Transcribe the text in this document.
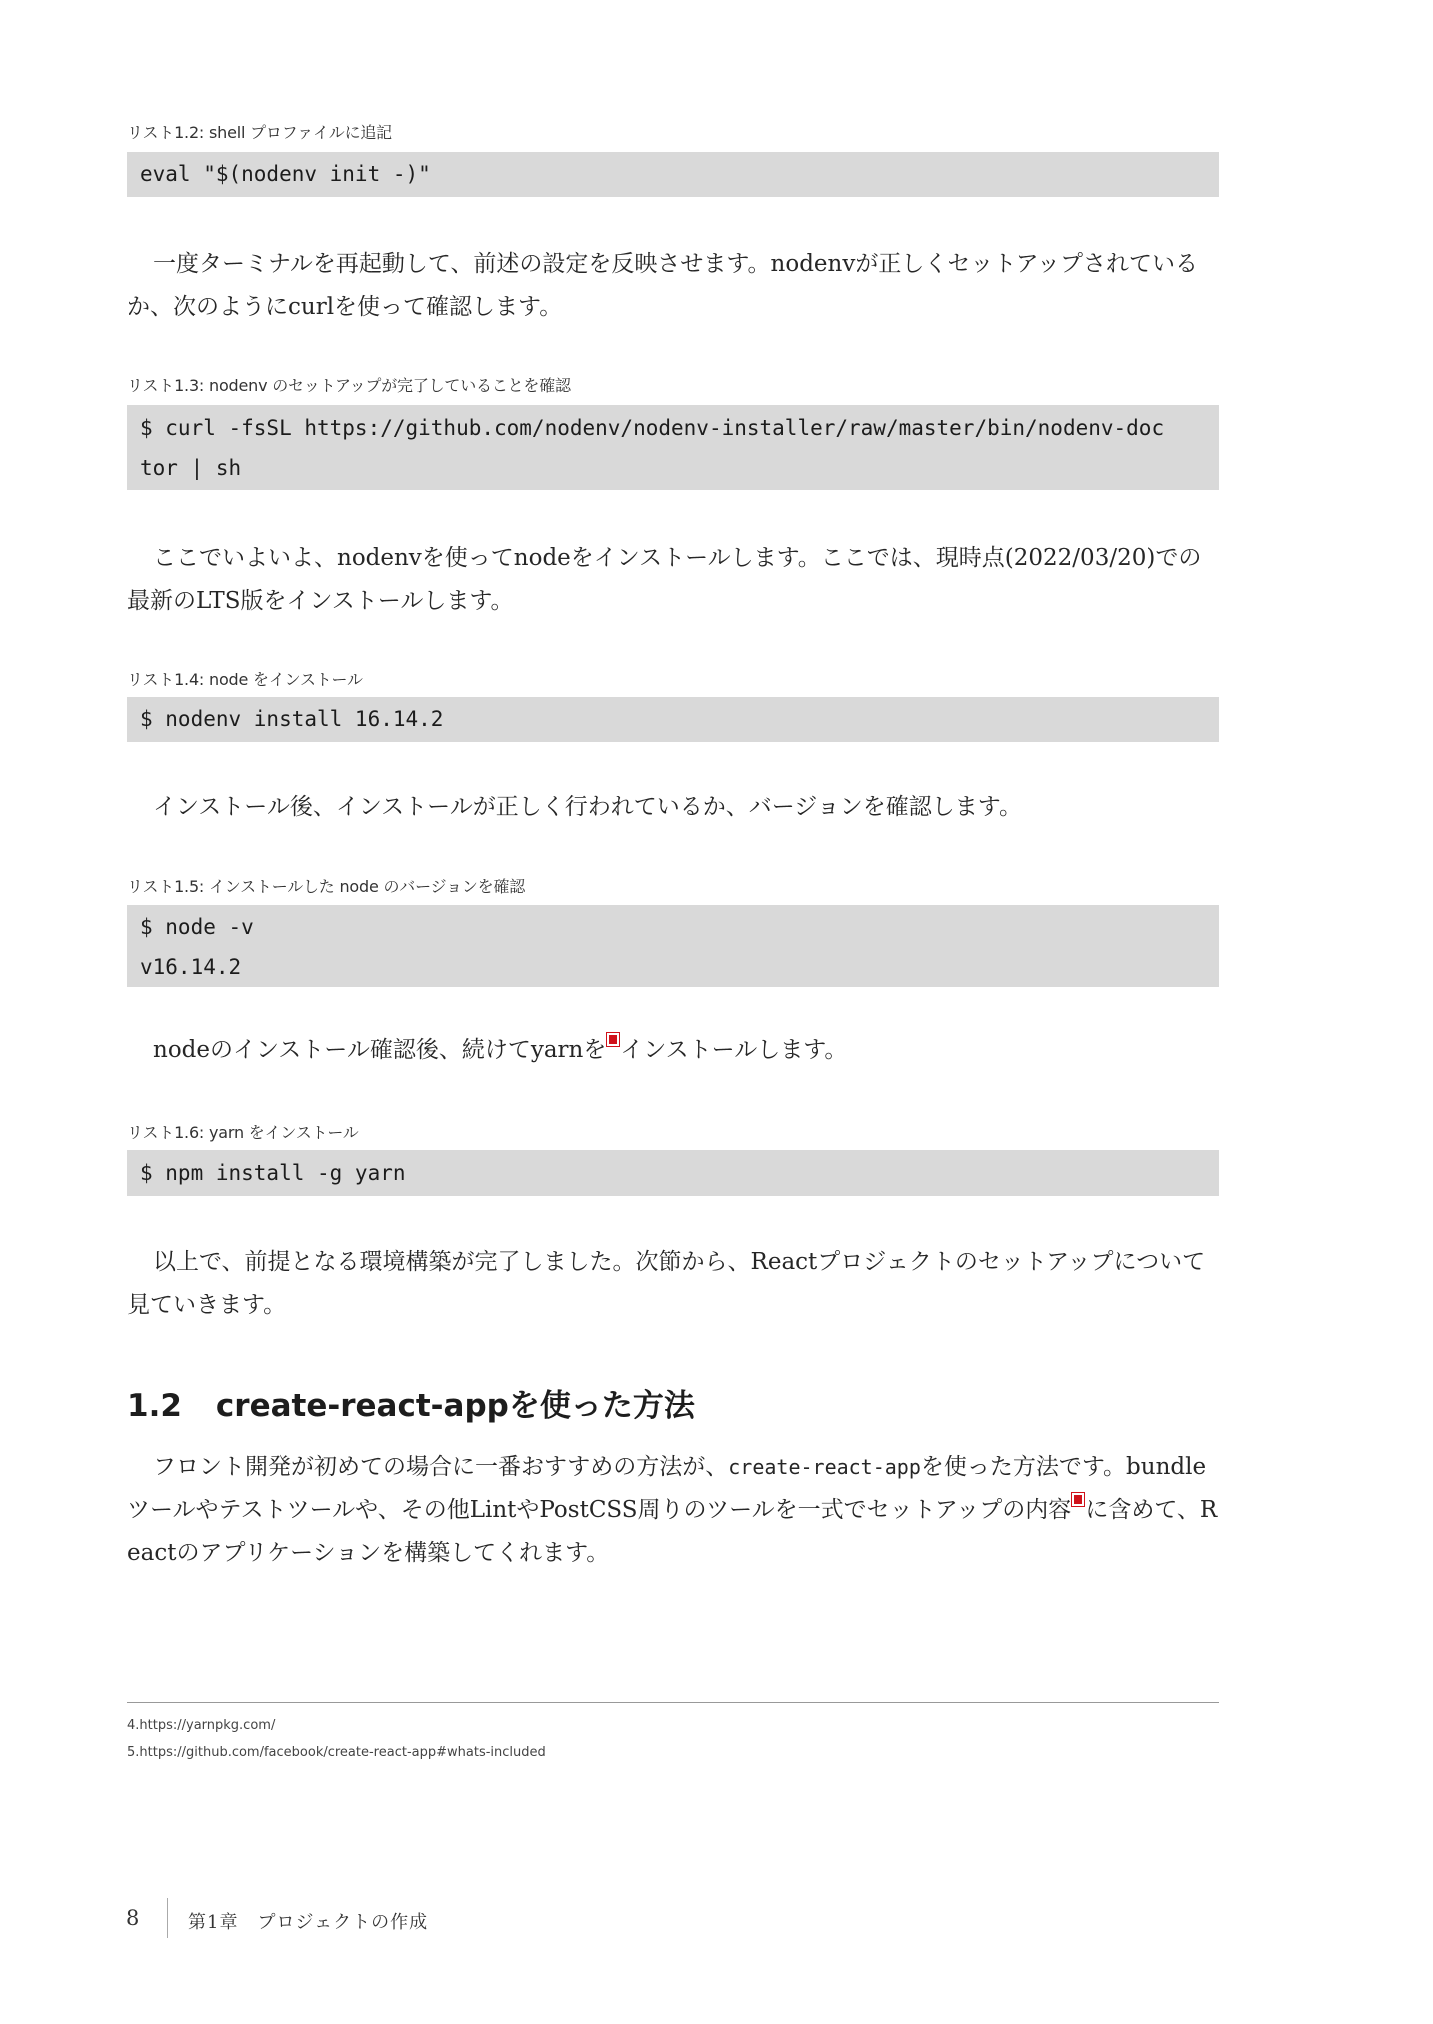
リスト1.2: shell プロファイルに追記
eval "$(nodenv init -)"

一度ターミナルを再起動して、前述の設定を反映させます。nodenvが正しくセットアップされているか、次のようにcurlを使って確認します。

リスト1.3: nodenv のセットアップが完了していることを確認
$ curl -fsSL https://github.com/nodenv/nodenv-installer/raw/master/bin/nodenv-doc
tor | sh

ここでいよいよ、nodenvを使ってnodeをインストールします。ここでは、現時点(2022/03/20)での最新のLTS版をインストールします。

リスト1.4: node をインストール
$ nodenv install 16.14.2

インストール後、インストールが正しく行われているか、バージョンを確認します。

リスト1.5: インストールした node のバージョンを確認
$ node -v
v16.14.2

nodeのインストール確認後、続けてyarnを インストールします。

リスト1.6: yarn をインストール
$ npm install -g yarn

以上で、前提となる環境構築が完了しました。次節から、Reactプロジェクトのセットアップについて見ていきます。

1.2 create-react-appを使った方法

フロント開発が初めての場合に一番おすすめの方法が、create-react-appを使った方法です。bundleツールやテストツールや、その他LintやPostCSS周りのツールを一式でセットアップの内容 に含めて、Reactのアプリケーションを構築してくれます。

4.https://yarnpkg.com/
5.https://github.com/facebook/create-react-app#whats-included
8	第1章　プロジェクトの作成
